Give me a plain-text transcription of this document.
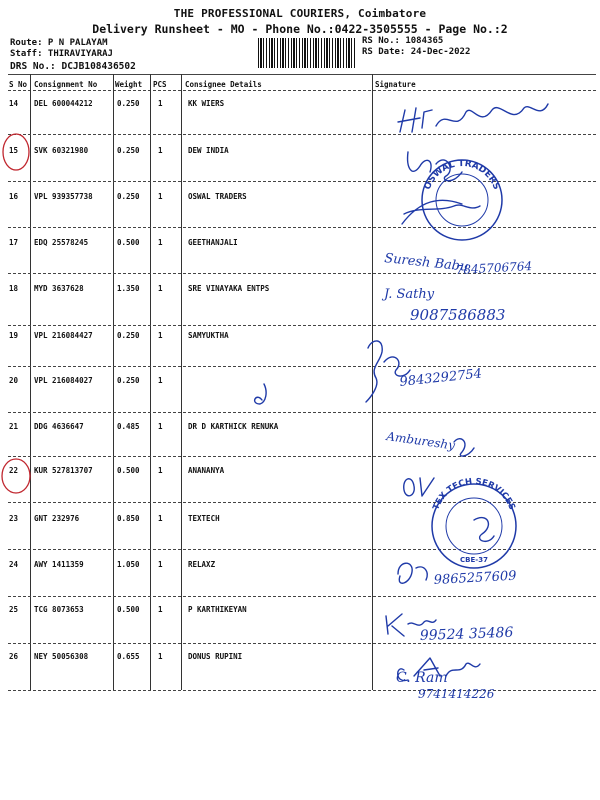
THE PROFESSIONAL COURIERS, Coimbatore
Delivery Runsheet - MO - Phone No.:0422-3505555 - Page No.:2
Route: P N PALAYAM
Staff: THIRAVIYARAJ
DRS No.: DCJB108436502
RS No.: 1084365
RS Date: 24-Dec-2022
S No Consignment No Weight PCS Consignee Details	Signature
14 DEL 600044212	0.250 1	KK WIERS
15 SVK 60321980	0.250 1	DEW INDIA
16 VPL 939357738	0.250 1	OSWAL TRADERS
17 EDQ 25578245	0.500 1	GEETHANJALI
18 MYD 3637628	1.350 1	SRE VINAYAKA ENTPS
19 VPL 216084427	0.250 1	SAMYUKTHA
20 VPL 216084027	0.250 1
21 DDG 4636647	0.485 1	DR D KARTHICK RENUKA
22 KUR 527813707	0.500 1	ANANANYA
23 GNT 232976	0.850 1	TEXTECH
24 AWY 1411359	1.050 1	RELAXZ
25 TCG 8073653	0.500 1	P KARTHIKEYAN
26 NEY 50056308	0.655 1	DONUS RUPINI
OSWAL TRADERS
TEX TECH SERVICES
CBE-37
Suresh Babu
7845706764
J. Sathy
9087586883
9843292754
Ambureshy
9865257609
99524 35486
C. Ram
9741414226
